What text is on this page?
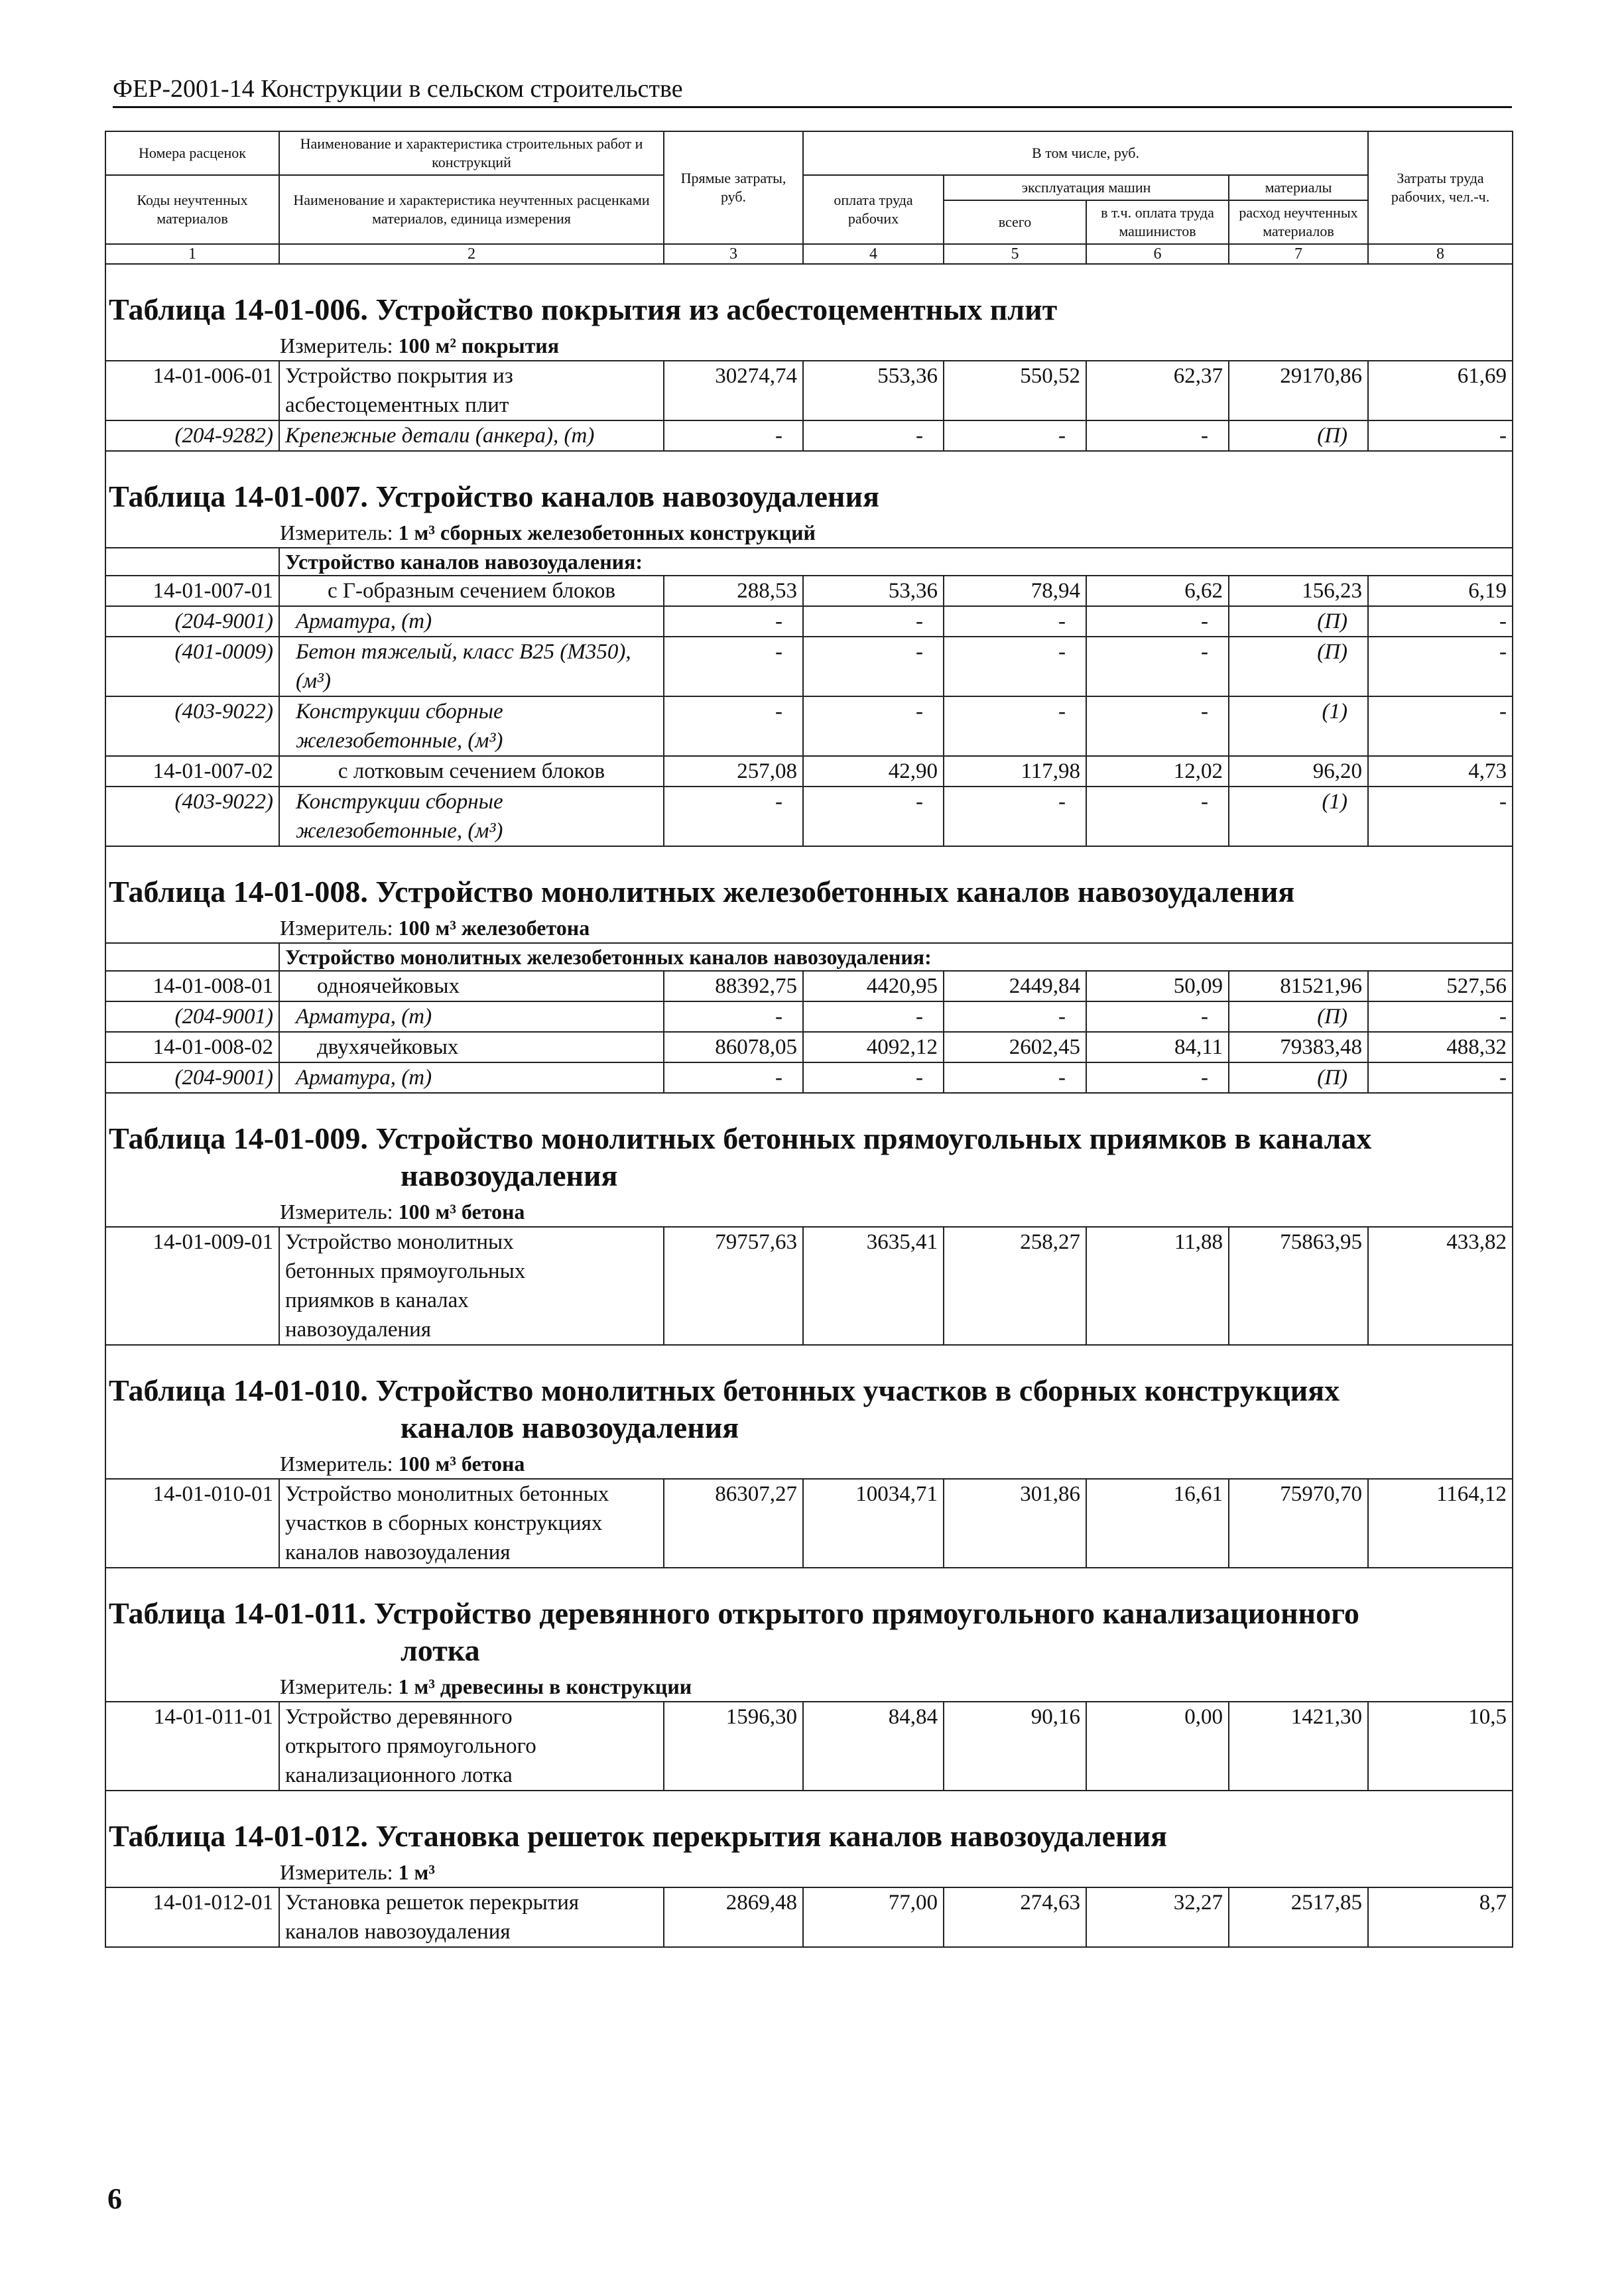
ФЕР-2001-14 Конструкции в сельском строительстве
Номера расценок	Наименование и характеристика строительных работ и конструкций	Прямые затраты, руб.	В том числе, руб.				Затраты труда рабочих, чел.-ч.
Коды неучтенных материалов	Наименование и характеристика неучтенных расценками материалов, единица измерения		оплата труда рабочих	эксплуатация машин		материалы	
				всего	в т.ч. оплата труда машинистов	расход неучтенных материалов	
1	2	3	4	5	6	7	8
Таблица 14-01-006. Устройство покрытия из асбестоцементных плит							
Измеритель: 100 м² покрытия							
14-01-006-01	Устройство покрытия из асбестоцементных плит	30274,74	553,36	550,52	62,37	29170,86	61,69
(204-9282)	Крепежные детали (анкера), (т)	-	-	-	-	(П)	-
Таблица 14-01-007. Устройство каналов навозоудаления							
Измеритель: 1 м³ сборных железобетонных конструкций							
	Устройство каналов навозоудаления:						
14-01-007-01	с Г-образным сечением блоков	288,53	53,36	78,94	6,62	156,23	6,19
(204-9001)	Арматура, (т)	-	-	-	-	(П)	-
(401-0009)	Бетон тяжелый, класс В25 (М350), (м³)	-	-	-	-	(П)	-
(403-9022)	Конструкции сборные железобетонные, (м³)	-	-	-	-	(1)	-
14-01-007-02	с лотковым сечением блоков	257,08	42,90	117,98	12,02	96,20	4,73
(403-9022)	Конструкции сборные железобетонные, (м³)	-	-	-	-	(1)	-
Таблица 14-01-008. Устройство монолитных железобетонных каналов навозоудаления							
Измеритель: 100 м³ железобетона							
	Устройство монолитных железобетонных каналов навозоудаления:						
14-01-008-01	одноячейковых	88392,75	4420,95	2449,84	50,09	81521,96	527,56
(204-9001)	Арматура, (т)	-	-	-	-	(П)	-
14-01-008-02	двухячейковых	86078,05	4092,12	2602,45	84,11	79383,48	488,32
(204-9001)	Арматура, (т)	-	-	-	-	(П)	-
Таблица 14-01-009. Устройство монолитных бетонных прямоугольных приямков в каналах
навозоудаления							

Измеритель: 100 м³ бетона							
14-01-009-01	Устройство монолитных бетонных прямоугольных приямков в каналах навозоудаления	79757,63	3635,41	258,27	11,88	75863,95	433,82
Таблица 14-01-010. Устройство монолитных бетонных участков в сборных конструкциях
каналов навозоудаления							

Измеритель: 100 м³ бетона							
14-01-010-01	Устройство монолитных бетонных участков в сборных конструкциях каналов навозоудаления	86307,27	10034,71	301,86	16,61	75970,70	1164,12
Таблица 14-01-011. Устройство деревянного открытого прямоугольного канализационного
лотка							

Измеритель: 1 м³ древесины в конструкции							
14-01-011-01	Устройство деревянного открытого прямоугольного канализационного лотка	1596,30	84,84	90,16	0,00	1421,30	10,5
Таблица 14-01-012. Установка решеток перекрытия каналов навозоудаления							
Измеритель: 1 м³							
14-01-012-01	Установка решеток перекрытия каналов навозоудаления	2869,48	77,00	274,63	32,27	2517,85	8,7
6
